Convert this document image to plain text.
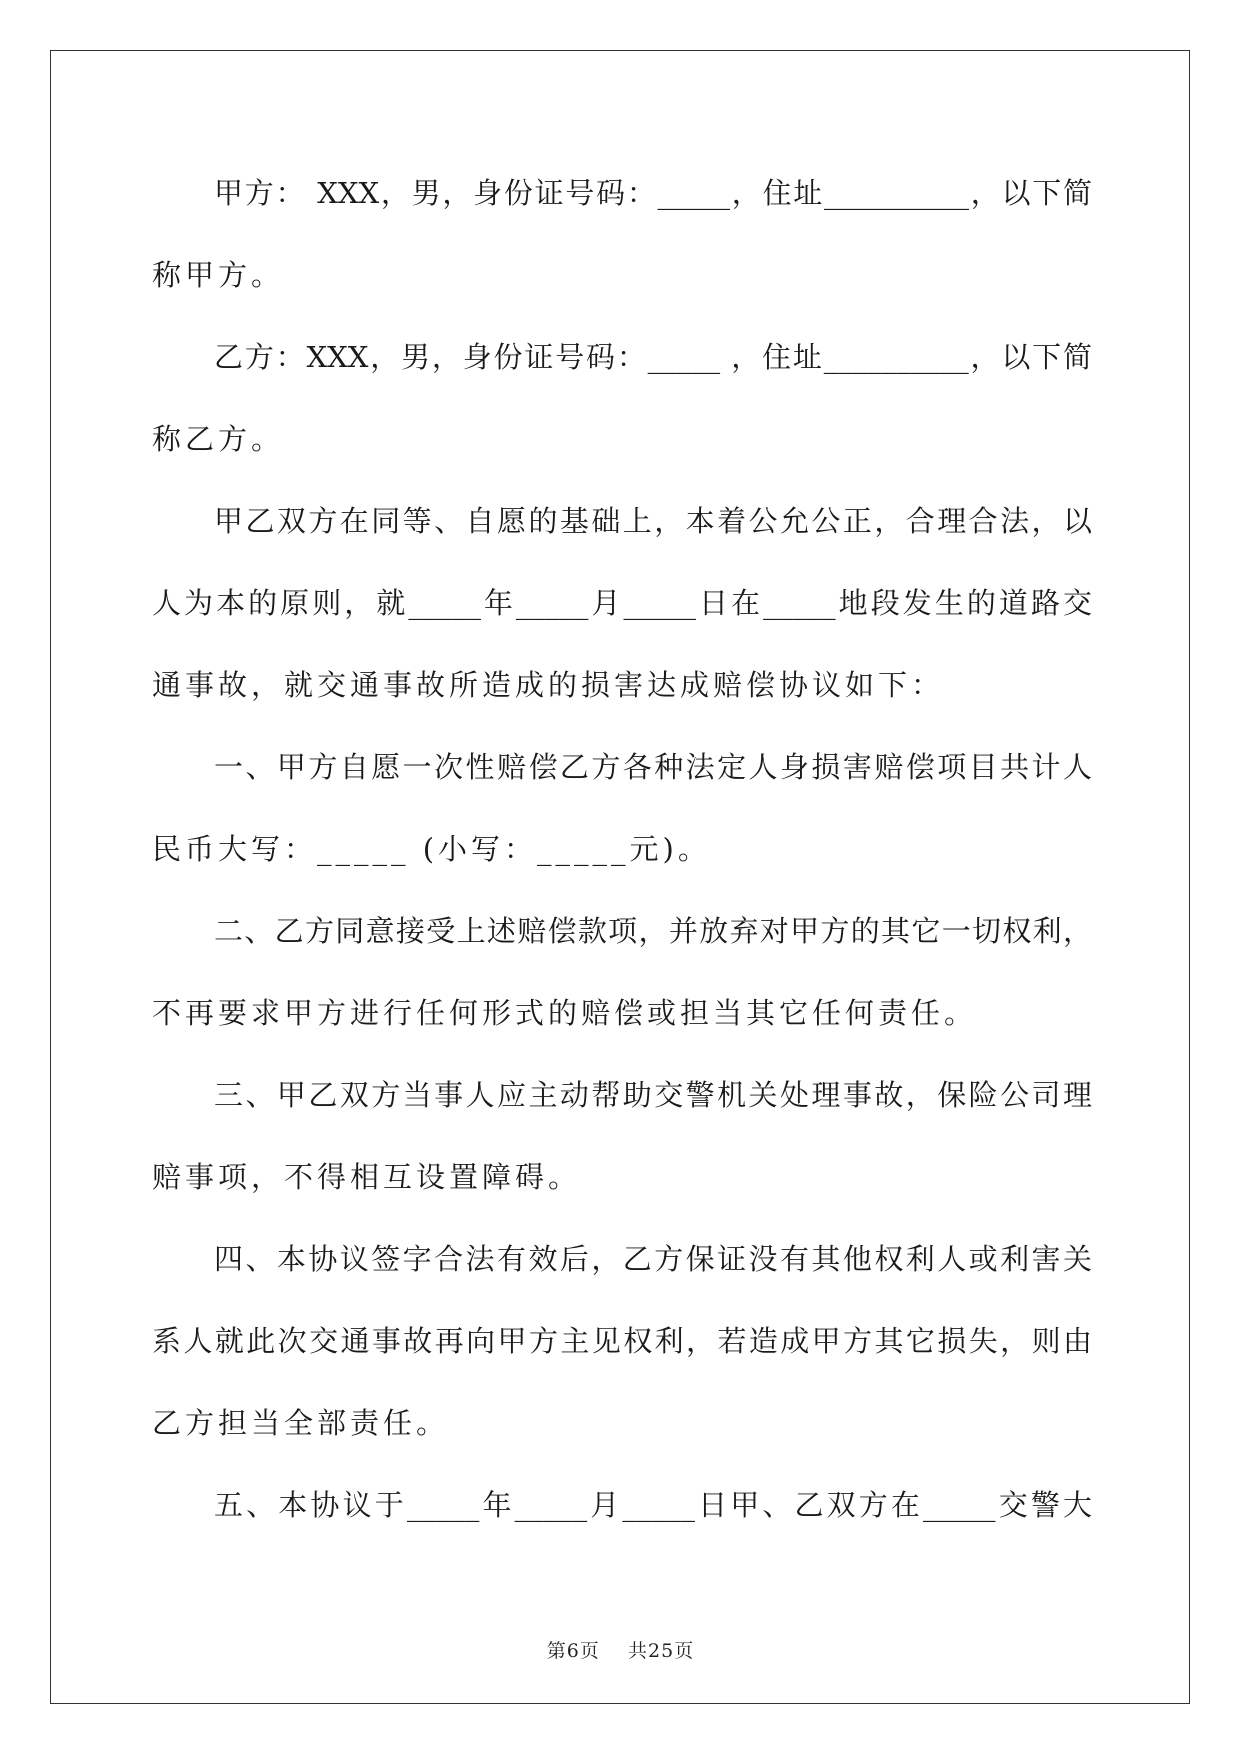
甲方： XXX，男，身份证号码：_____，住址__________，以下简
称甲方。
乙方：XXX，男，身份证号码：_____ ，住址__________，以下简
称乙方。
甲乙双方在同等、自愿的基础上，本着公允公正，合理合法，以
人为本的原则，就_____年_____月_____日在_____地段发生的道路交
通事故，就交通事故所造成的损害达成赔偿协议如下：
一、甲方自愿一次性赔偿乙方各种法定人身损害赔偿项目共计人
民币大写：_____ (小写：_____元)。
二、乙方同意接受上述赔偿款项，并放弃对甲方的其它一切权利，
不再要求甲方进行任何形式的赔偿或担当其它任何责任。
三、甲乙双方当事人应主动帮助交警机关处理事故，保险公司理
赔事项，不得相互设置障碍。
四、本协议签字合法有效后，乙方保证没有其他权利人或利害关
系人就此次交通事故再向甲方主见权利，若造成甲方其它损失，则由
乙方担当全部责任。
五、本协议于_____年_____月_____日甲、乙双方在_____交警大
第6页 共25页
